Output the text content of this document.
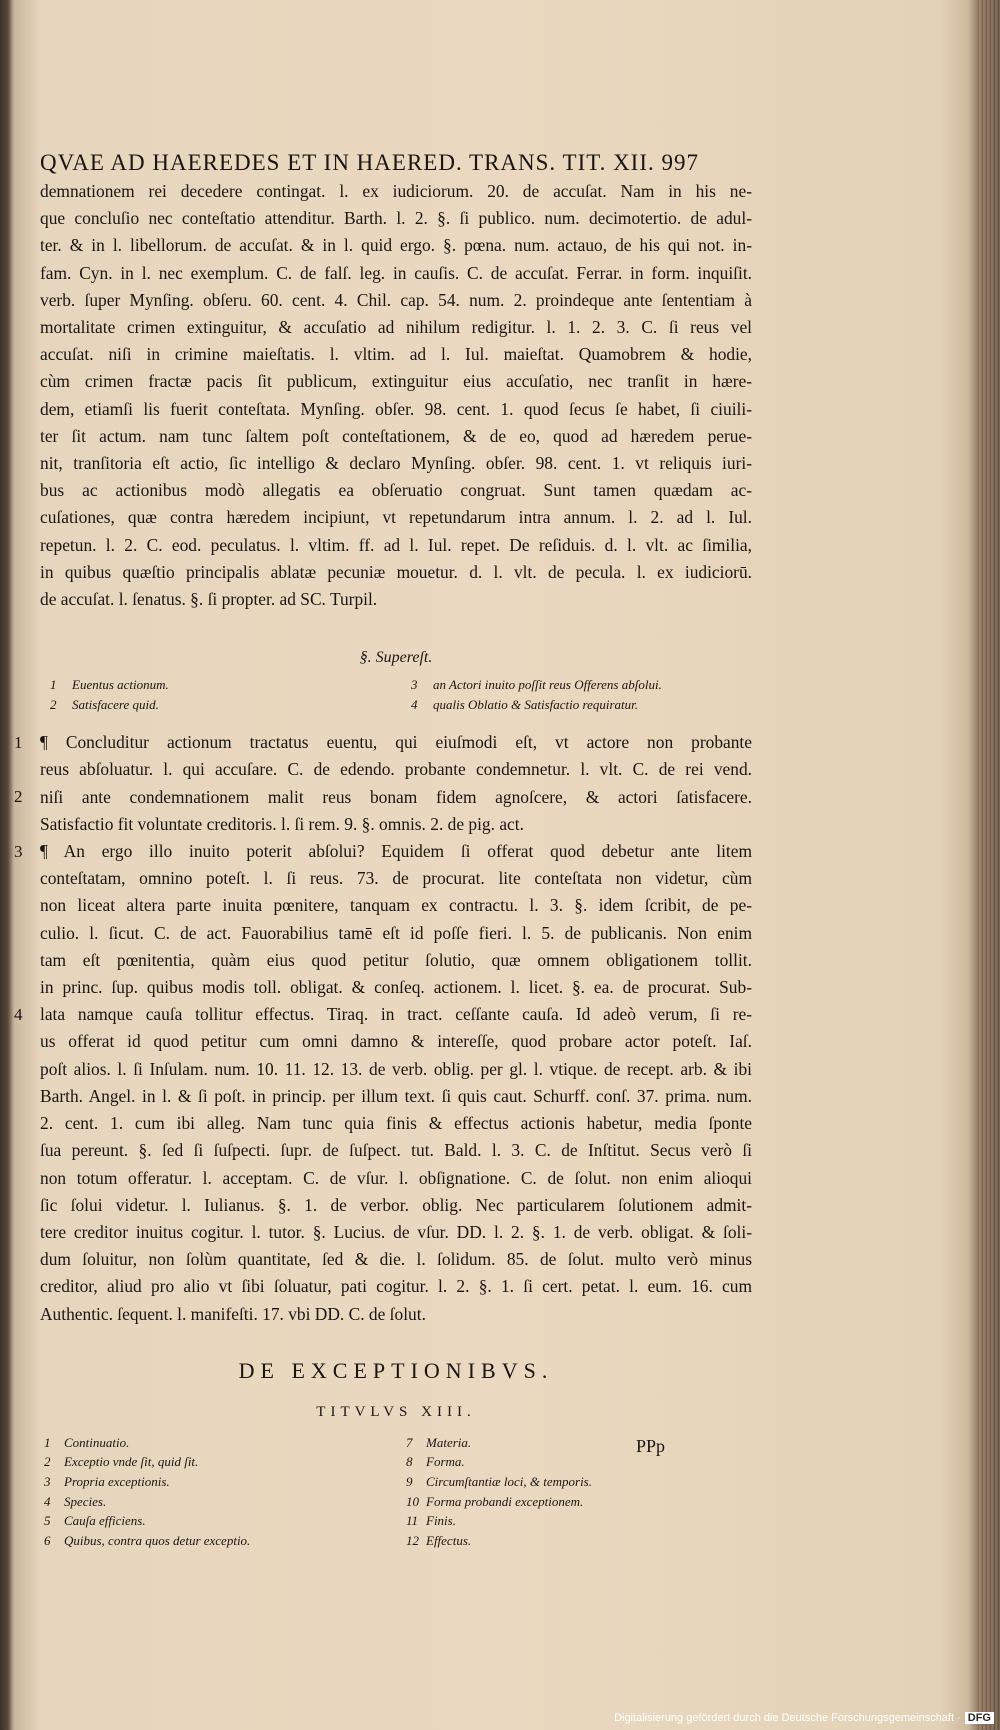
QVAE AD HAEREDES ET IN HAERED. TRANS. TIT. XII. 997
demnationem rei decedere contingat. l. ex iudiciorum. 20. de accuſat. Nam in his ne-
que concluſio nec conteſtatio attenditur. Barth. l. 2. §. ſi publico. num. decimotertio. de adul-
ter. & in l. libellorum. de accuſat. & in l. quid ergo. §. pœna. num. actauo, de his qui not. in-
fam. Cyn. in l. nec exemplum. C. de falſ. leg. in cauſis. C. de accuſat. Ferrar. in form. inquiſit.
verb. ſuper Mynſing. obſeru. 60. cent. 4. Chil. cap. 54. num. 2. proindeque ante ſententiam à
mortalitate crimen extinguitur, & accuſatio ad nihilum redigitur. l. 1. 2. 3. C. ſi reus vel
accuſat. niſi in crimine maieſtatis. l. vltim. ad l. Iul. maieſtat. Quamobrem & hodie,
cùm crimen fractæ pacis ſit publicum, extinguitur eius accuſatio, nec tranſit in hære-
dem, etiamſi lis fuerit conteſtata. Mynſing. obſer. 98. cent. 1. quod ſecus ſe habet, ſi ciuili-
ter ſit actum. nam tunc ſaltem poſt conteſtationem, & de eo, quod ad hæredem perue-
nit, tranſitoria eſt actio, ſic intelligo & declaro Mynſing. obſer. 98. cent. 1. vt reliquis iuri-
bus ac actionibus modò allegatis ea obſeruatio congruat. Sunt tamen quædam ac-
cuſationes, quæ contra hæredem incipiunt, vt repetundarum intra annum. l. 2. ad l. Iul.
repetun. l. 2. C. eod. peculatus. l. vltim. ff. ad l. Iul. repet. De reſiduis. d. l. vlt. ac ſimilia,
in quibus quæſtio principalis ablatæ pecuniæ mouetur. d. l. vlt. de pecula. l. ex iudiciorū.
de accuſat. l. ſenatus. §. ſi propter. ad SC. Turpil.
§. Supereſt.
1	Euentus actionum.
2	Satisfacere quid.
3	an Actori inuito poſſit reus Offerens abſolui.
4	qualis Oblatio & Satisfactio requiratur.
1
2
¶ Concluditur actionum tractatus euentu, qui eiuſmodi eſt, vt actore non probante
reus abſoluatur. l. qui accuſare. C. de edendo. probante condemnetur. l. vlt. C. de rei vend.
niſi ante condemnationem malit reus bonam fidem agnoſcere, & actori ſatisfacere.
Satisfactio fit voluntate creditoris. l. ſi rem. 9. §. omnis. 2. de pig. act.
3
4
¶ An ergo illo inuito poterit abſolui? Equidem ſi offerat quod debetur ante litem
conteſtatam, omnino poteſt. l. ſi reus. 73. de procurat. lite conteſtata non videtur, cùm
non liceat altera parte inuita pœnitere, tanquam ex contractu. l. 3. §. idem ſcribit, de pe-
culio. l. ſicut. C. de act. Fauorabilius tamē eſt id poſſe fieri. l. 5. de publicanis. Non enim
tam eſt pœnitentia, quàm eius quod petitur ſolutio, quæ omnem obligationem tollit.
in princ. ſup. quibus modis toll. obligat. & conſeq. actionem. l. licet. §. ea. de procurat. Sub-
lata namque cauſa tollitur effectus. Tiraq. in tract. ceſſante cauſa. Id adeò verum, ſi re-
us offerat id quod petitur cum omni damno & intereſſe, quod probare actor poteſt. Iaſ.
poſt alios. l. ſi Inſulam. num. 10. 11. 12. 13. de verb. oblig. per gl. l. vtique. de recept. arb. & ibi
Barth. Angel. in l. & ſi poſt. in princip. per illum text. ſi quis caut. Schurff. conſ. 37. prima. num.
2. cent. 1. cum ibi alleg. Nam tunc quia finis & effectus actionis habetur, media ſponte
ſua pereunt. §. ſed ſi ſuſpecti. ſupr. de ſuſpect. tut. Bald. l. 3. C. de Inſtitut. Secus verò ſi
non totum offeratur. l. acceptam. C. de vſur. l. obſignatione. C. de ſolut. non enim alioqui
ſic ſolui videtur. l. Iulianus. §. 1. de verbor. oblig. Nec particularem ſolutionem admit-
tere creditor inuitus cogitur. l. tutor. §. Lucius. de vſur. DD. l. 2. §. 1. de verb. obligat. & ſoli-
dum ſoluitur, non ſolùm quantitate, ſed & die. l. ſolidum. 85. de ſolut. multo verò minus
creditor, aliud pro alio vt ſibi ſoluatur, pati cogitur. l. 2. §. 1. ſi cert. petat. l. eum. 16. cum
Authentic. ſequent. l. manifeſti. 17. vbi DD. C. de ſolut.
DE EXCEPTIONIBVS.
TITVLVS XIII.
1	Continuatio.
2	Exceptio vnde ſit, quid ſit.
3	Propria exceptionis.
4	Species.
5	Cauſa efficiens.
6	Quibus, contra quos detur exceptio.
7	Materia.
8	Forma.
9	Circumſtantiæ loci, & temporis.
10 Forma probandi exceptionem.
11 Finis.
12 Effectus.
PPp
Digitalisierung gefördert durch die Deutsche Forschungsgemeinschaft · DFG
